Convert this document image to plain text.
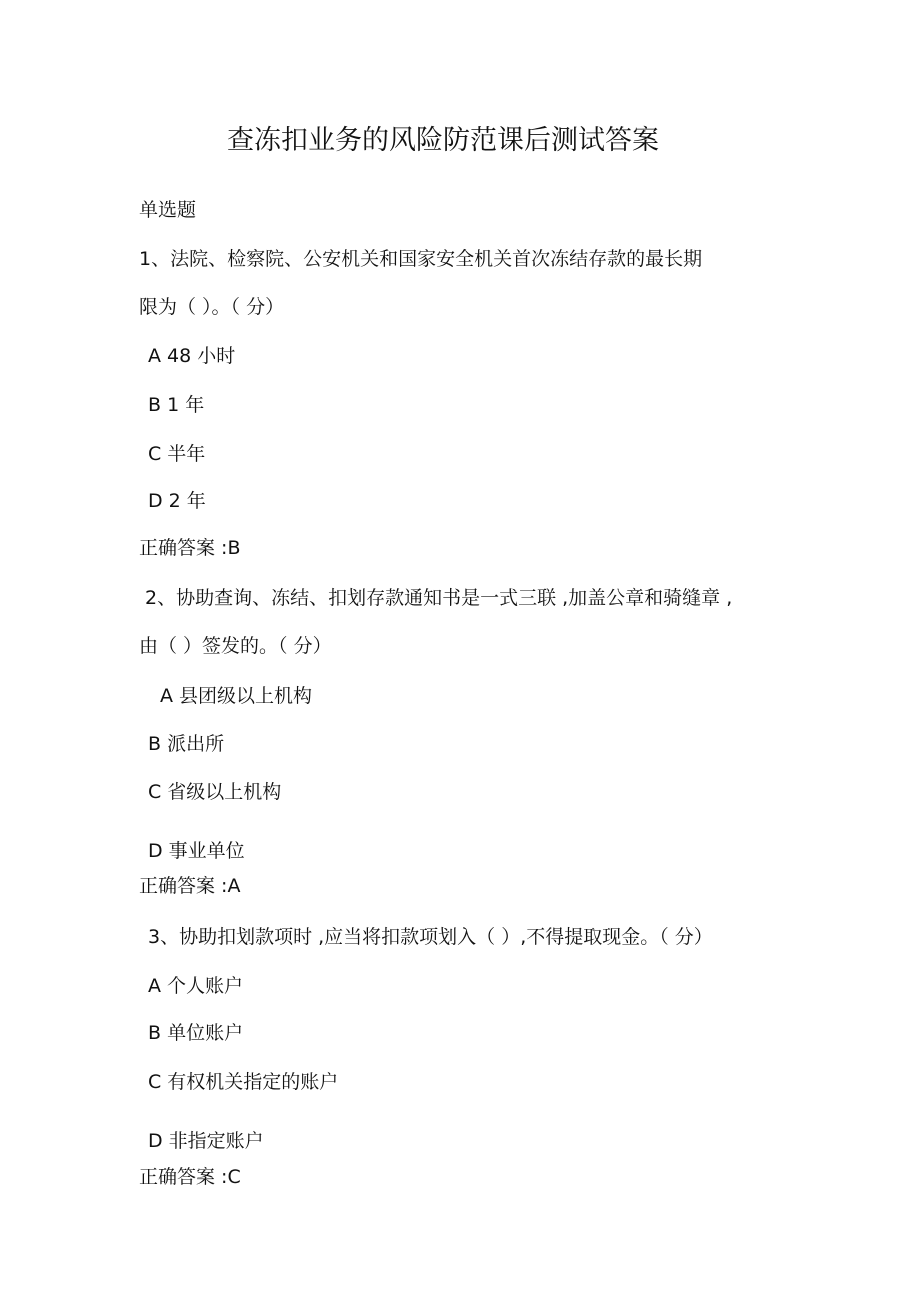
查冻扣业务的风险防范课后测试答案
单选题
1、法院、检察院、公安机关和国家安全机关首次冻结存款的最长期
限为（ ）。（ 分）
A 48 小时
B 1 年
C 半年
D 2 年
正确答案 :B
2、协助查询、冻结、扣划存款通知书是一式三联 ,加盖公章和骑缝章 ,
由（ ）签发的。（ 分）
A 县团级以上机构
B 派出所
C 省级以上机构
D 事业单位
正确答案 :A
3、协助扣划款项时 ,应当将扣款项划入（ ）,不得提取现金。（ 分）
A 个人账户
B 单位账户
C 有权机关指定的账户
D 非指定账户
正确答案 :C
